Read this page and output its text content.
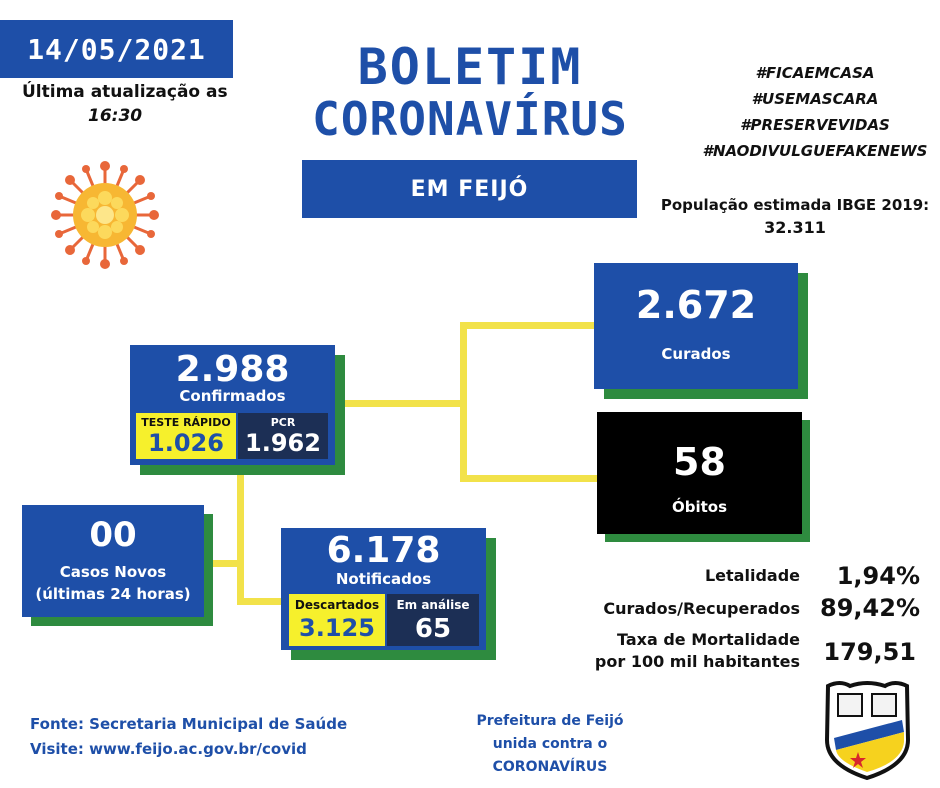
14/05/2021
Última atualização as
16:30
BOLETIM
CORONAVÍRUS
EM FEIJÓ
#FICAEMCASA
#USEMASCARA
#PRESERVEVIDAS
#NAODIVULGUEFAKENEWS
População estimada IBGE 2019:
32.311
2.988
Confirmados
TESTE RÁPIDO
1.026
PCR
1.962
2.672
Curados
58
Óbitos
00
Casos Novos
(últimas 24 horas)
6.178
Notificados
Descartados
3.125
Em análise
65
Letalidade	1,94%
Curados/Recuperados 89,42%
Taxa de Mortalidade
por 100 mil habitantes 179,51
Fonte: Secretaria Municipal de Saúde
Visite: www.feijo.ac.gov.br/covid
Prefeitura de Feijó
unida contra o
CORONAVÍRUS
